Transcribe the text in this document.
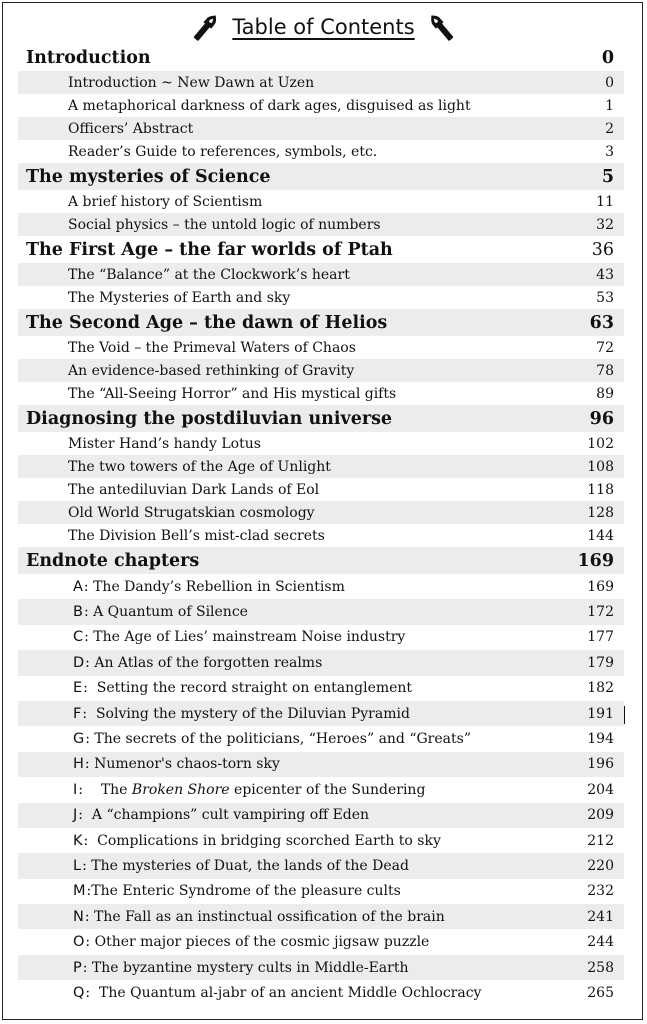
Table of Contents
Introduction	0
Introduction ~ New Dawn at Uzen	0
A metaphorical darkness of dark ages, disguised as light	1
Officers’ Abstract	2
Reader’s Guide to references, symbols, etc.	3
The mysteries of Science	5
A brief history of Scientism	11
Social physics – the untold logic of numbers	32
The First Age – the far worlds of Ptah	36
The “Balance” at the Clockwork’s heart	43
The Mysteries of Earth and sky	53
The Second Age – the dawn of Helios	63
The Void – the Primeval Waters of Chaos	72
An evidence-based rethinking of Gravity	78
The “All-Seeing Horror” and His mystical gifts	89
Diagnosing the postdiluvian universe	96
Mister Hand’s handy Lotus	102
The two towers of the Age of Unlight	108
The antediluvian Dark Lands of Eol	118
Old World Strugatskian cosmology	128
The Division Bell’s mist-clad secrets	144
Endnote chapters	169
A: The Dandy’s Rebellion in Scientism	169
B: A Quantum of Silence	172
C: The Age of Lies’ mainstream Noise industry	177
D: An Atlas of the forgotten realms	179
E:  Setting the record straight on entanglement	182
F:  Solving the mystery of the Diluvian Pyramid	191
G: The secrets of the politicians, “Heroes” and “Greats”	194
H: Numenor's chaos-torn sky	196
I:    The Broken Shore epicenter of the Sundering	204
J:  A “champions” cult vampiring off Eden	209
K:  Complications in bridging scorched Earth to sky	212
L: The mysteries of Duat, the lands of the Dead	220
M:The Enteric Syndrome of the pleasure cults	232
N: The Fall as an instinctual ossification of the brain	241
O: Other major pieces of the cosmic jigsaw puzzle	244
P: The byzantine mystery cults in Middle-Earth	258
Q:  The Quantum al-jabr of an ancient Middle Ochlocracy	265
